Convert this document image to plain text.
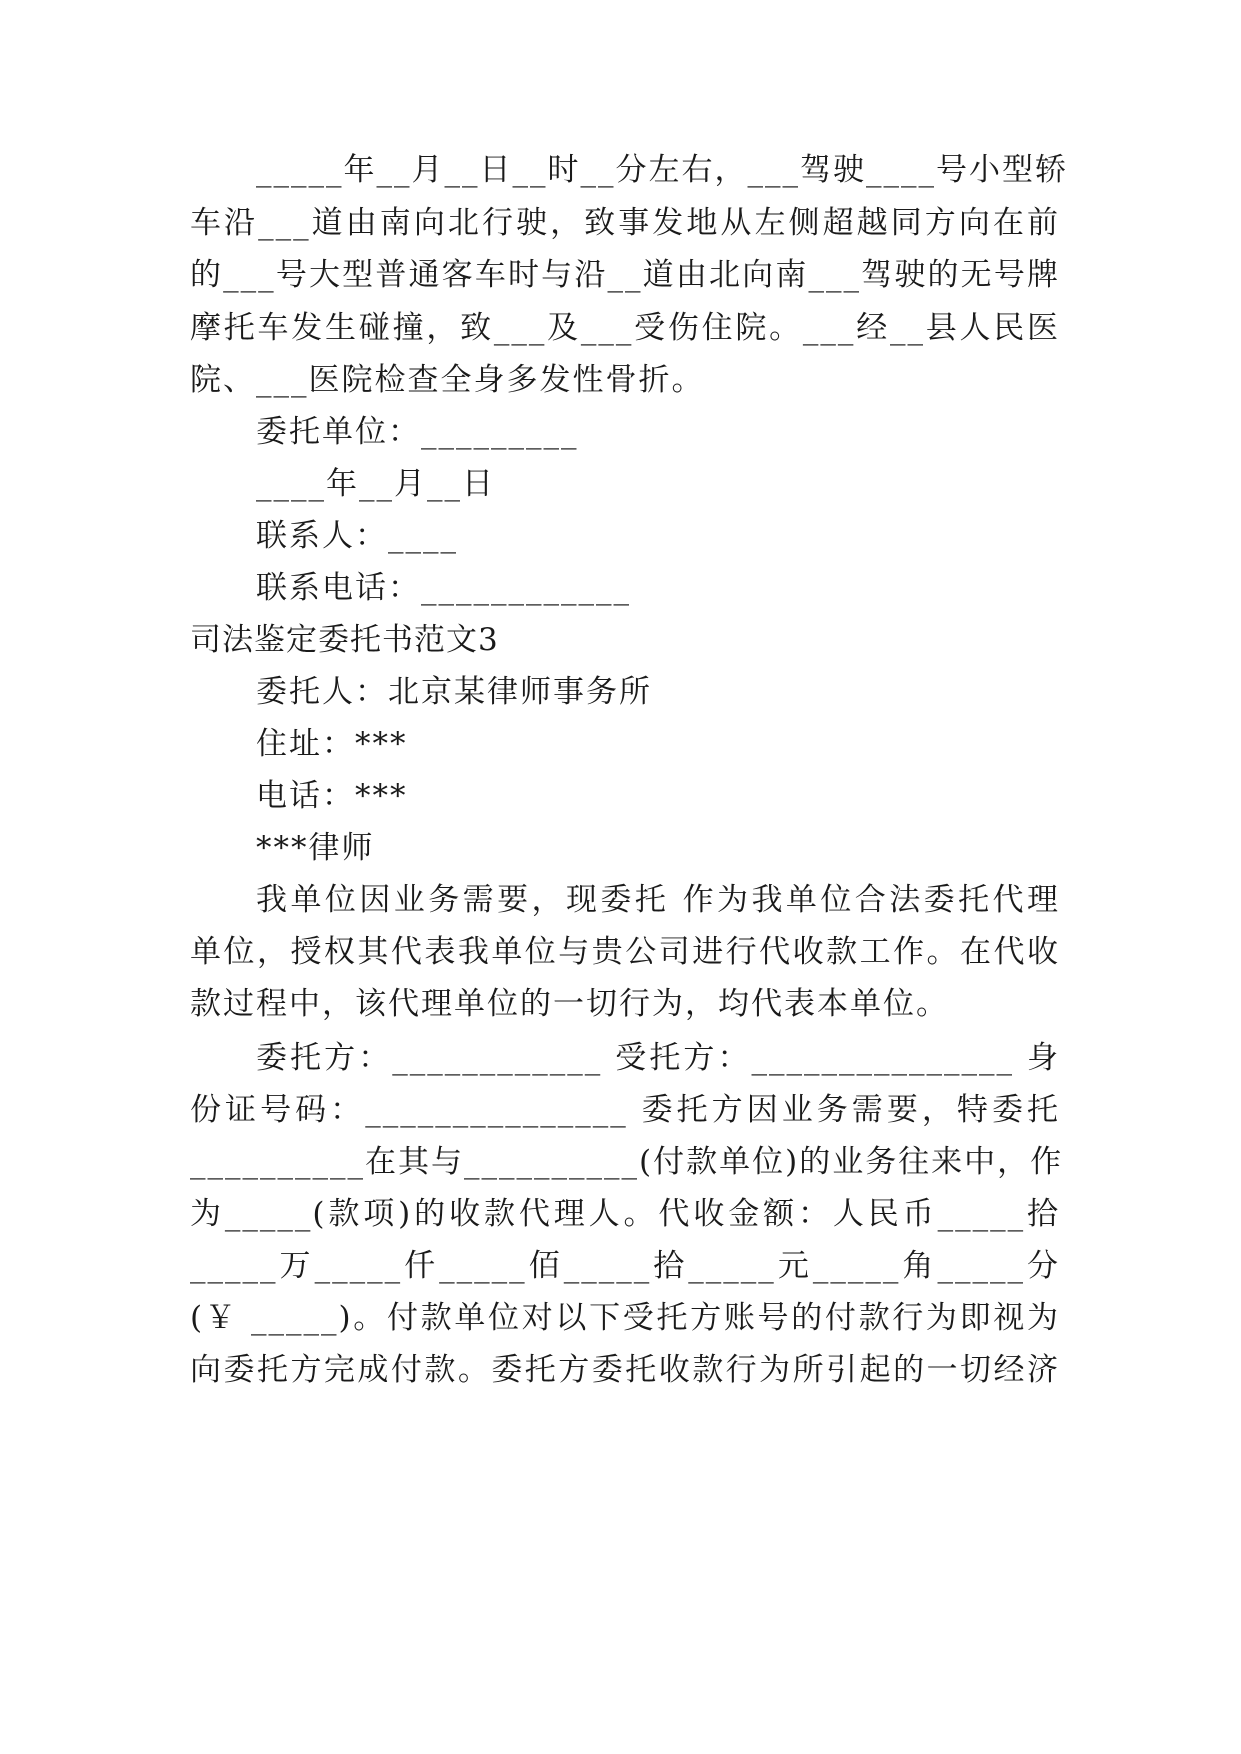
_____年__月__日__时__分左右，___驾驶____号小型轿
车沿___道由南向北行驶，致事发地从左侧超越同方向在前
的___号大型普通客车时与沿__道由北向南___驾驶的无号牌
摩托车发生碰撞，致___及___受伤住院。___经__县人民医
院、___医院检查全身多发性骨折。
委托单位：_________
____年__月__日
联系人：____
联系电话：____________
司法鉴定委托书范文3
委托人：北京某律师事务所
住址：***
电话：***
***律师
我单位因业务需要，现委托 作为我单位合法委托代理
单位，授权其代表我单位与贵公司进行代收款工作。在代收
款过程中，该代理单位的一切行为，均代表本单位。
委托方：____________ 受托方：_______________ 身
份证号码：_______________ 委托方因业务需要，特委托
__________在其与__________(付款单位)的业务往来中，作
为_____(款项)的收款代理人。代收金额：人民币_____拾
_____万_____仟_____佰_____拾_____元_____角_____分
(￥ _____)。付款单位对以下受托方账号的付款行为即视为
向委托方完成付款。委托方委托收款行为所引起的一切经济
